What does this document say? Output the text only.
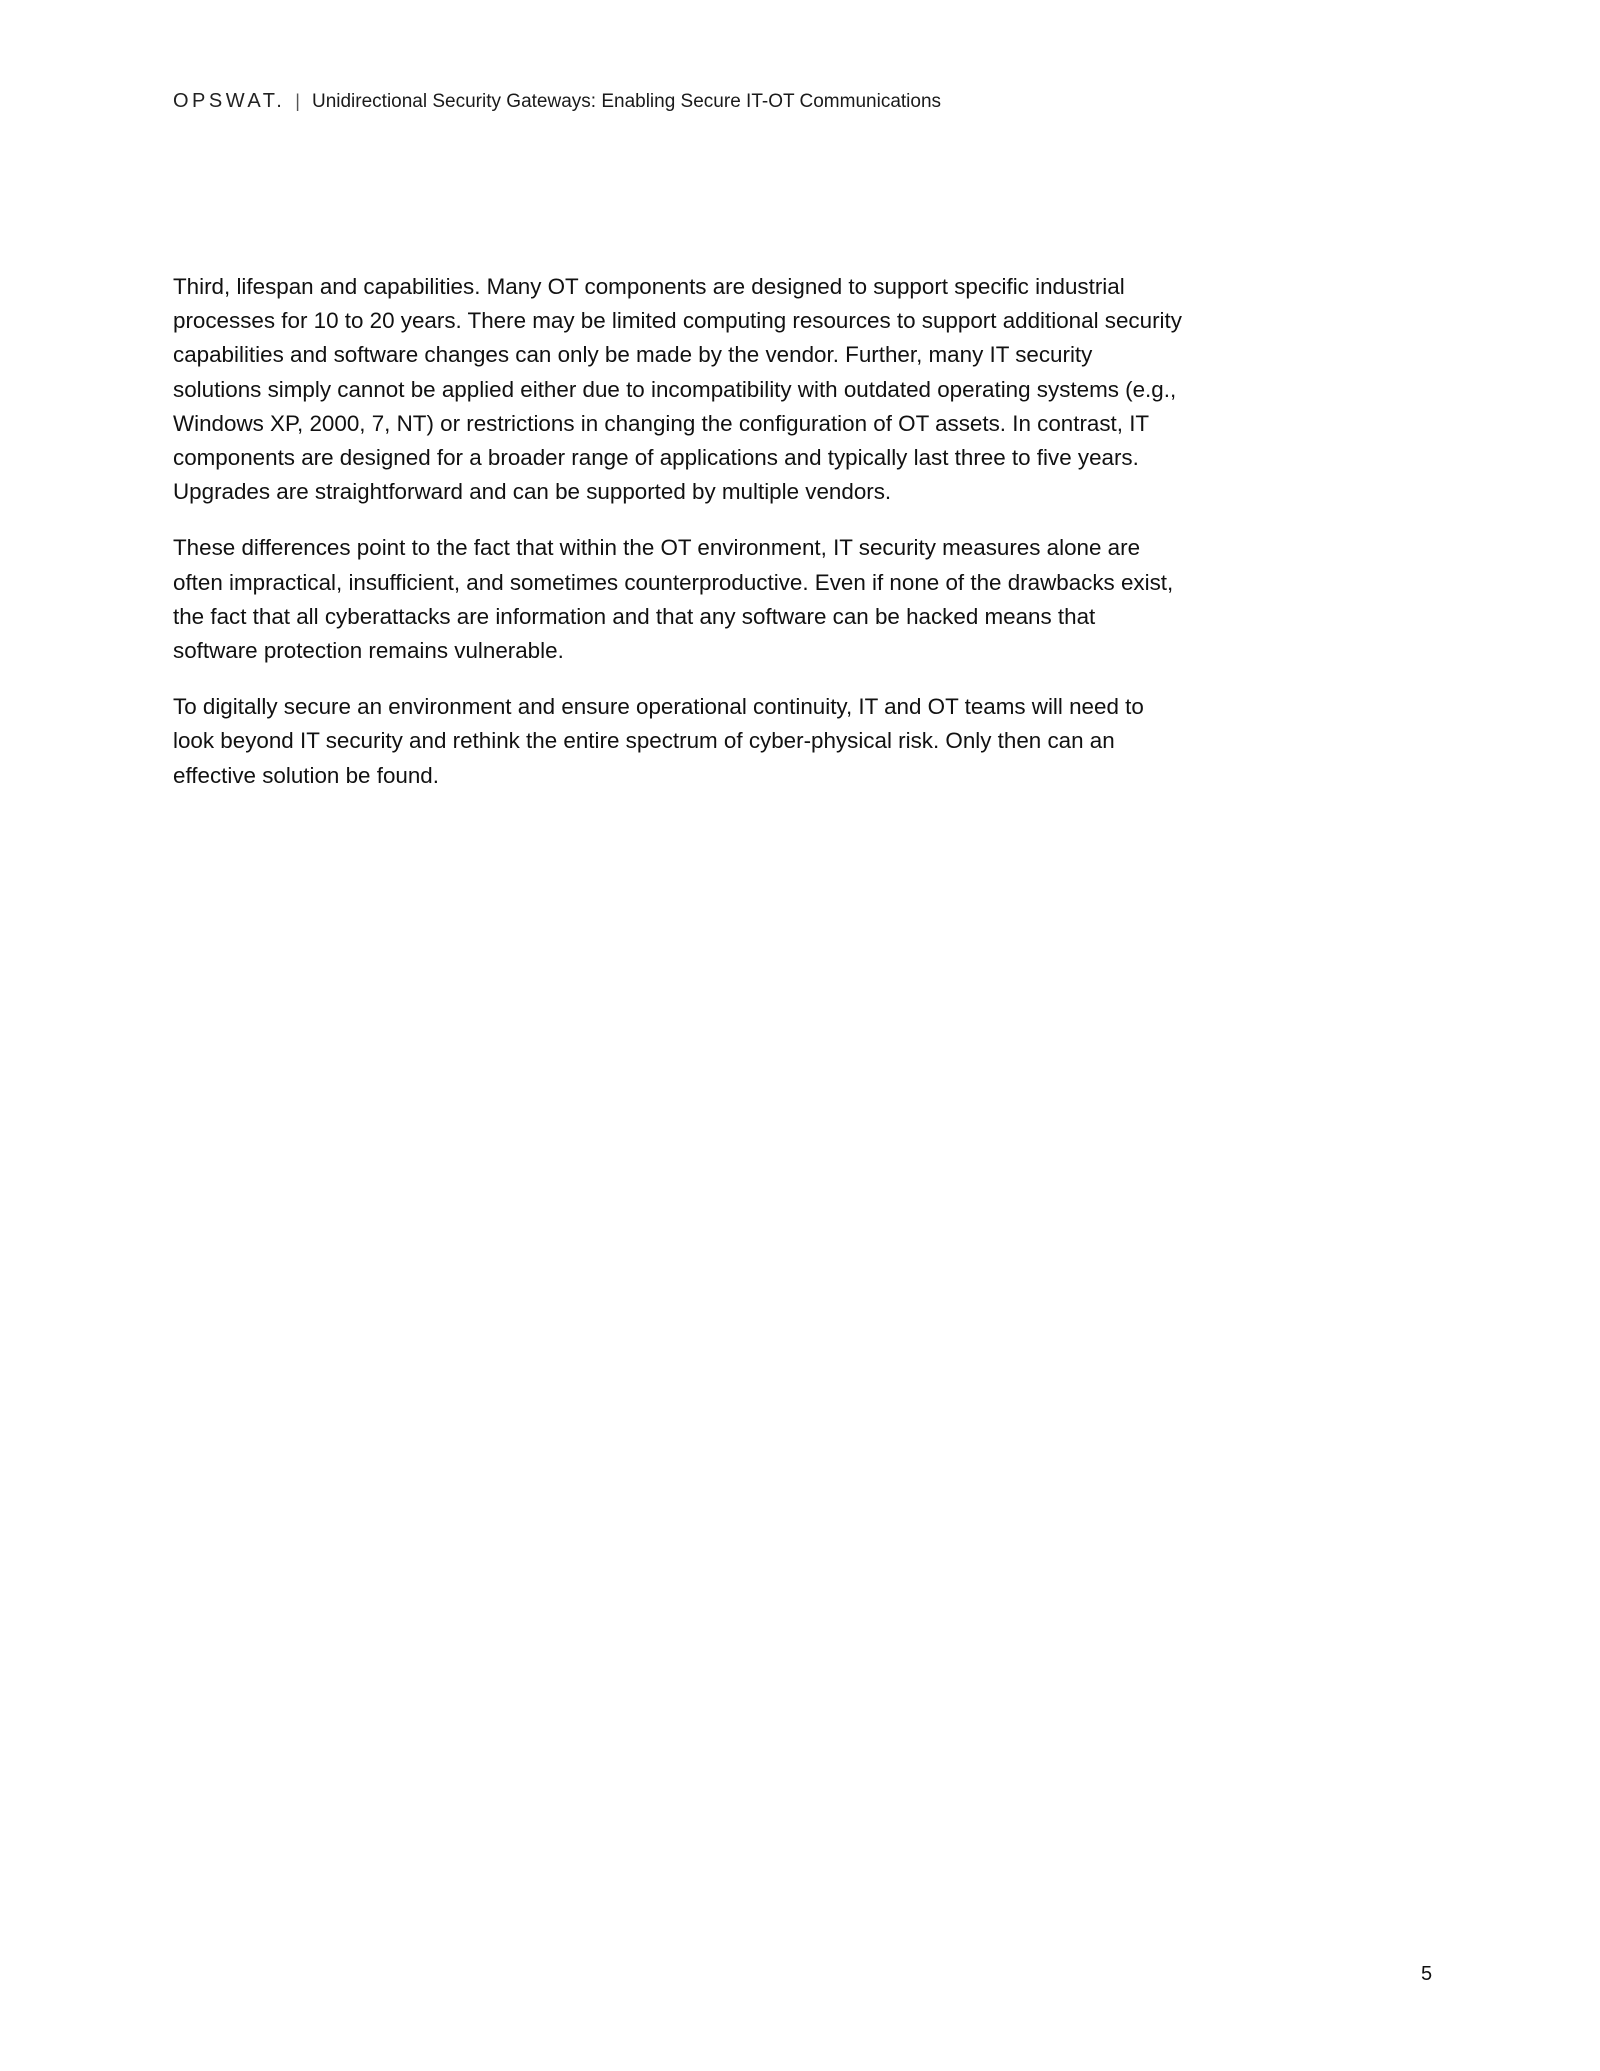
OPSWAT. | Unidirectional Security Gateways: Enabling Secure IT-OT Communications

Third, lifespan and capabilities. Many OT components are designed to support specific industrial processes for 10 to 20 years. There may be limited computing resources to support additional security capabilities and software changes can only be made by the vendor. Further, many IT security solutions simply cannot be applied either due to incompatibility with outdated operating systems (e.g., Windows XP, 2000, 7, NT) or restrictions in changing the configuration of OT assets. In contrast, IT components are designed for a broader range of applications and typically last three to five years. Upgrades are straightforward and can be supported by multiple vendors.

These differences point to the fact that within the OT environment, IT security measures alone are often impractical, insufficient, and sometimes counterproductive. Even if none of the drawbacks exist, the fact that all cyberattacks are information and that any software can be hacked means that software protection remains vulnerable.

To digitally secure an environment and ensure operational continuity, IT and OT teams will need to look beyond IT security and rethink the entire spectrum of cyber-physical risk. Only then can an effective solution be found.

5
